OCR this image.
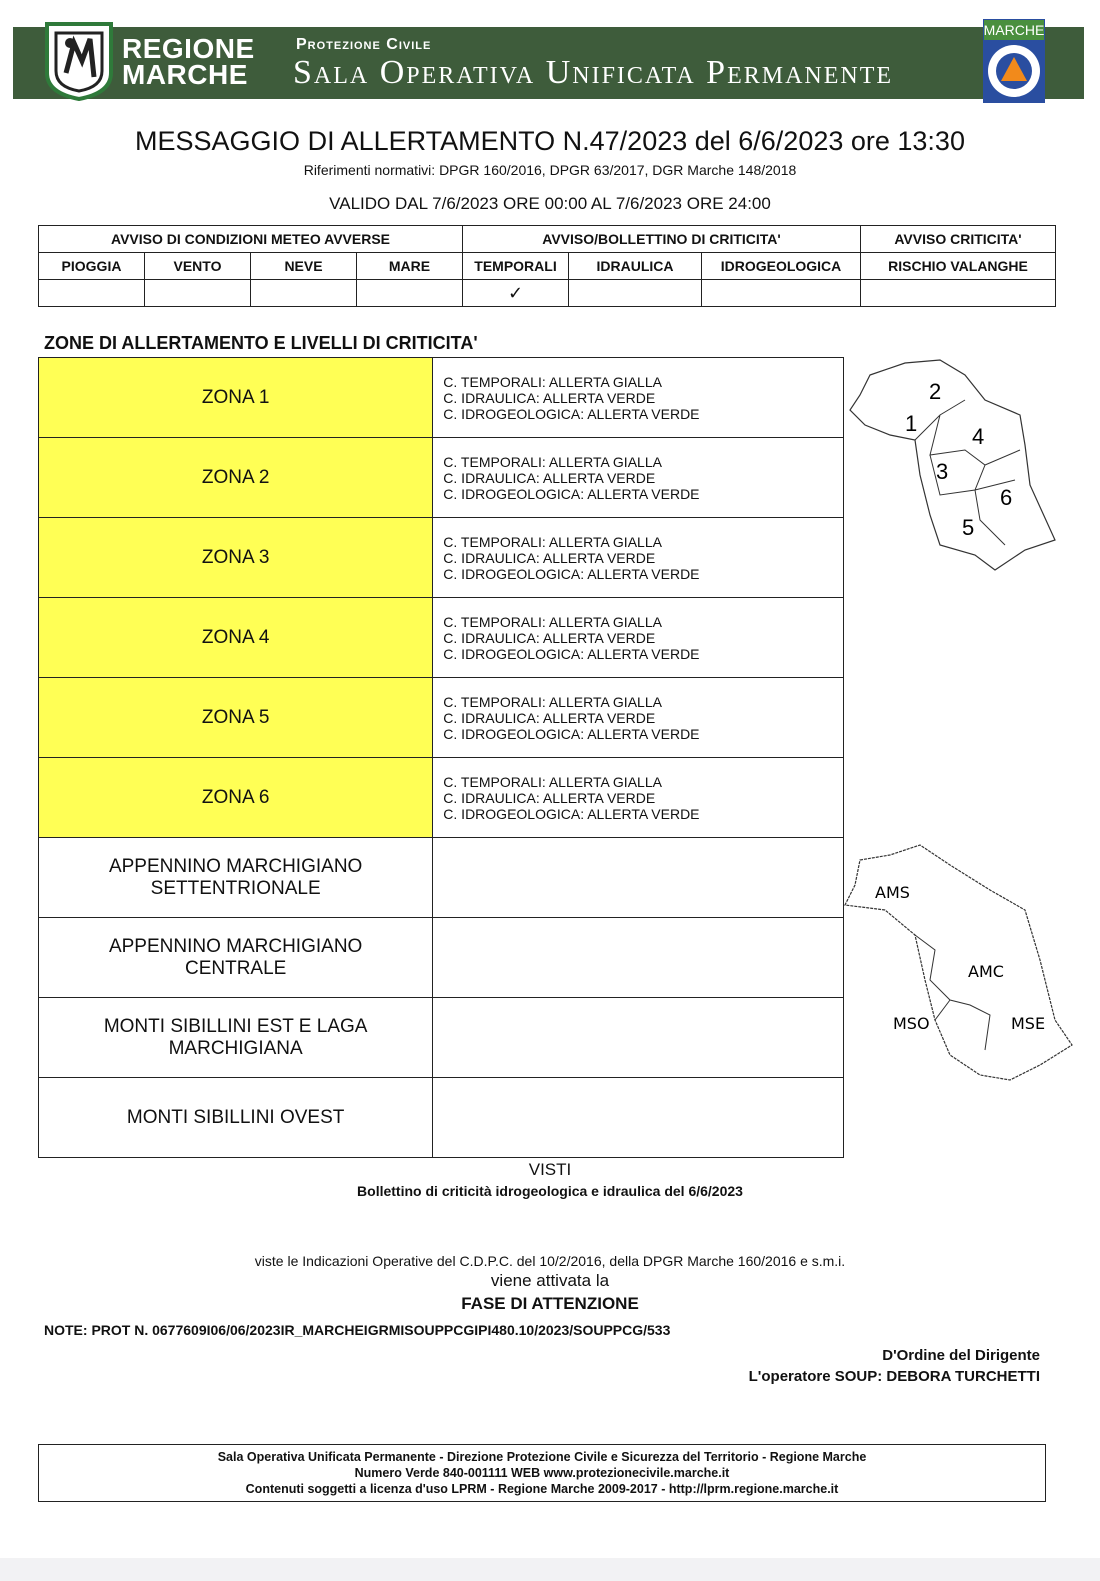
REGIONE
MARCHE
Protezione Civile
Sala Operativa Unificata Permanente
MARCHE
MESSAGGIO DI ALLERTAMENTO N.47/2023 del 6/6/2023 ore 13:30
Riferimenti normativi: DPGR 160/2016, DPGR 63/2017, DGR Marche 148/2018
VALIDO DAL 7/6/2023 ORE 00:00 AL 7/6/2023 ORE 24:00
AVVISO DI CONDIZIONI METEO AVVERSE				AVVISO/BOLLETTINO DI CRITICITA'			AVVISO CRITICITA'
PIOGGIA	VENTO	NEVE	MARE	TEMPORALI	IDRAULICA	IDROGEOLOGICA	RISCHIO VALANGHE
				✓			
ZONE DI ALLERTAMENTO E LIVELLI DI CRITICITA'
ZONA 1	C. TEMPORALI: ALLERTA GIALLA
C. IDRAULICA: ALLERTA VERDE
C. IDROGEOLOGICA: ALLERTA VERDE

ZONA 2	C. TEMPORALI: ALLERTA GIALLA
C. IDRAULICA: ALLERTA VERDE
C. IDROGEOLOGICA: ALLERTA VERDE

ZONA 3	C. TEMPORALI: ALLERTA GIALLA
C. IDRAULICA: ALLERTA VERDE
C. IDROGEOLOGICA: ALLERTA VERDE

ZONA 4	C. TEMPORALI: ALLERTA GIALLA
C. IDRAULICA: ALLERTA VERDE
C. IDROGEOLOGICA: ALLERTA VERDE

ZONA 5	C. TEMPORALI: ALLERTA GIALLA
C. IDRAULICA: ALLERTA VERDE
C. IDROGEOLOGICA: ALLERTA VERDE

ZONA 6	C. TEMPORALI: ALLERTA GIALLA
C. IDRAULICA: ALLERTA VERDE
C. IDROGEOLOGICA: ALLERTA VERDE

APPENNINO MARCHIGIANO
SETTENTRIONALE	

APPENNINO MARCHIGIANO
CENTRALE	

MONTI SIBILLINI EST E LAGA
MARCHIGIANA	

MONTI SIBILLINI OVEST	

1
2
3
4
5
6
AMS
AMC
MSO	MSE
VISTI
Bollettino di criticità idrogeologica e idraulica del 6/6/2023
viste le Indicazioni Operative del C.D.P.C. del 10/2/2016, della DPGR Marche 160/2016 e s.m.i.
viene attivata la
FASE DI ATTENZIONE
NOTE: PROT N. 0677609I06/06/2023IR_MARCHEIGRMISOUPPCGIPI480.10/2023/SOUPPCG/533
D'Ordine del Dirigente
L'operatore SOUP: DEBORA TURCHETTI
Sala Operativa Unificata Permanente - Direzione Protezione Civile e Sicurezza del Territorio - Regione Marche
Numero Verde 840-001111 WEB www.protezionecivile.marche.it
Contenuti soggetti a licenza d'uso LPRM - Regione Marche 2009-2017 - http://lprm.regione.marche.it
